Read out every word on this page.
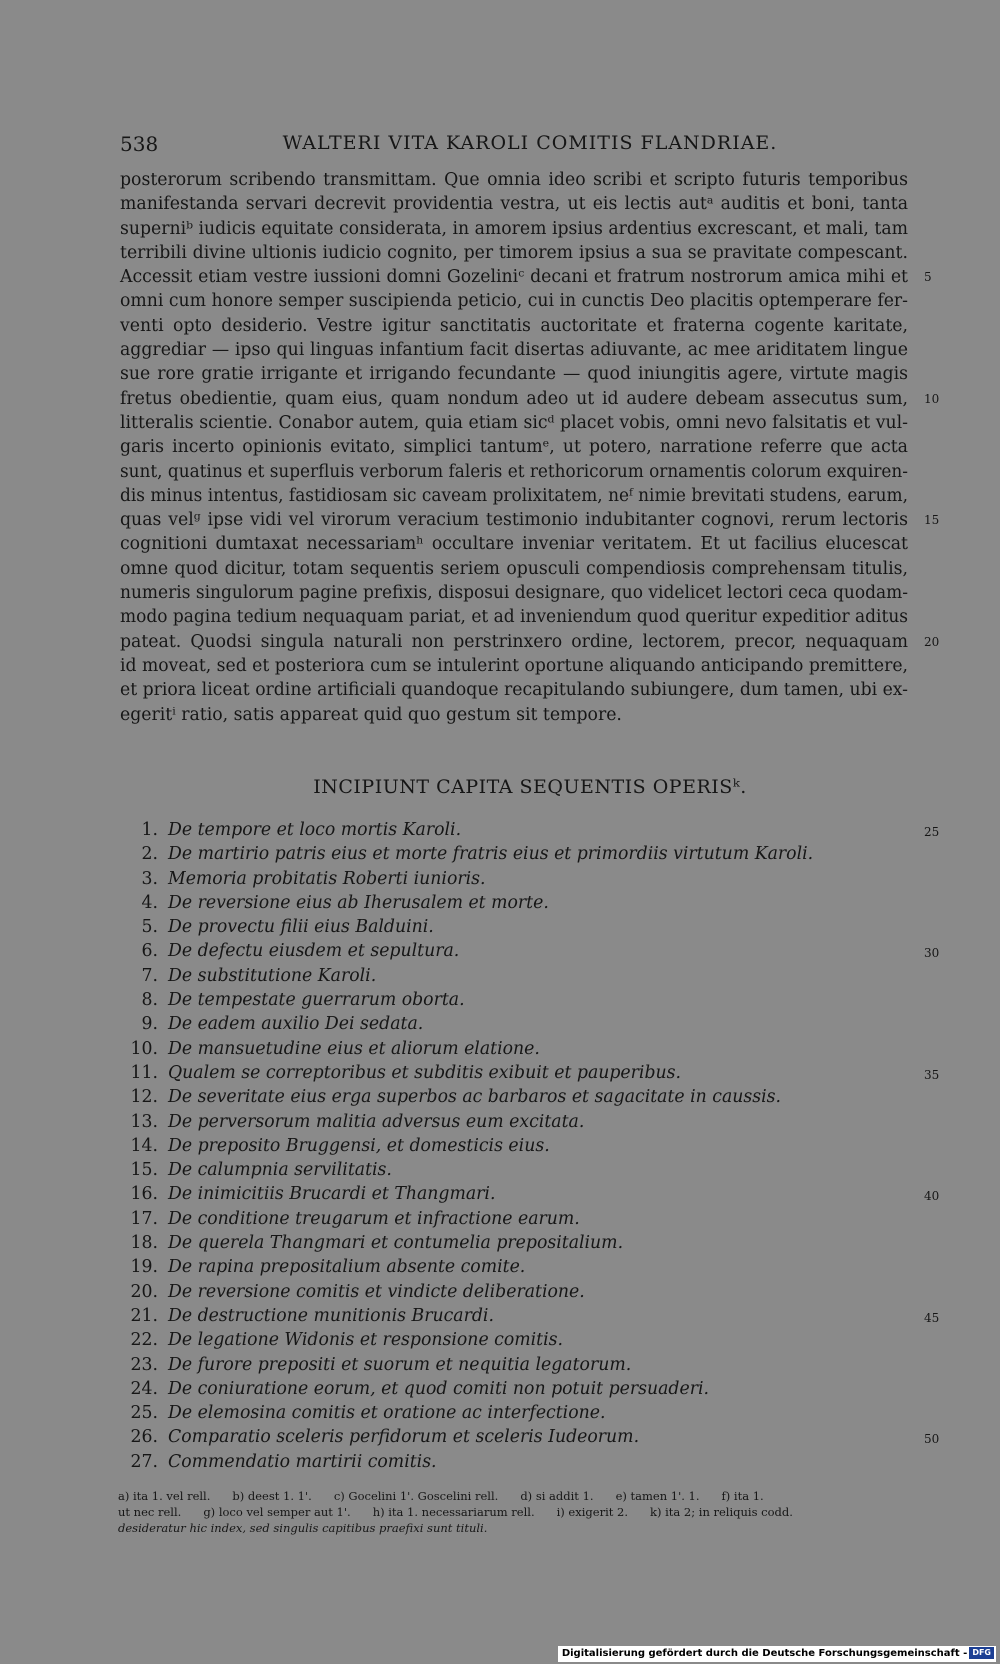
538	WALTERI VITA KAROLI COMITIS FLANDRIAE.
posterorum scribendo transmittam. Que omnia ideo scribi et scripto futuris temporibus
manifestanda servari decrevit providentia vestra, ut eis lectis autᵃ auditis et boni, tanta
superniᵇ iudicis equitate considerata, in amorem ipsius ardentius excrescant, et mali, tam
terribili divine ultionis iudicio cognito, per timorem ipsius a sua se pravitate compescant.
Accessit etiam vestre iussioni domni Gozeliniᶜ decani et fratrum nostrorum amica mihi et 5
omni cum honore semper suscipienda peticio, cui in cunctis Deo placitis optemperare fer-
venti opto desiderio. Vestre igitur sanctitatis auctoritate et fraterna cogente karitate,
aggrediar — ipso qui linguas infantium facit disertas adiuvante, ac mee ariditatem lingue
sue rore gratie irrigante et irrigando fecundante — quod iniungitis agere, virtute magis
fretus obedientie, quam eius, quam nondum adeo ut id audere debeam assecutus sum, 10
litteralis scientie. Conabor autem, quia etiam sicᵈ placet vobis, omni nevo falsitatis et vul-
garis incerto opinionis evitato, simplici tantumᵉ, ut potero, narratione referre que acta
sunt, quatinus et superfluis verborum faleris et rethoricorum ornamentis colorum exquiren-
dis minus intentus, fastidiosam sic caveam prolixitatem, neᶠ nimie brevitati studens, earum,
quas velᵍ ipse vidi vel virorum veracium testimonio indubitanter cognovi, rerum lectoris 15
cognitioni dumtaxat necessariamʰ occultare inveniar veritatem. Et ut facilius elucescat
omne quod dicitur, totam sequentis seriem opusculi compendiosis comprehensam titulis,
numeris singulorum pagine prefixis, disposui designare, quo videlicet lectori ceca quodam-
modo pagina tedium nequaquam pariat, et ad inveniendum quod queritur expeditior aditus
pateat. Quodsi singula naturali non perstrinxero ordine, lectorem, precor, nequaquam 20
id moveat, sed et posteriora cum se intulerint oportune aliquando anticipando premittere,
et priora liceat ordine artificiali quandoque recapitulando subiungere, dum tamen, ubi ex-
egeritⁱ ratio, satis appareat quid quo gestum sit tempore.
INCIPIUNT CAPITA SEQUENTIS OPERISᵏ.
1. De tempore et loco mortis Karoli.	25
2. De martirio patris eius et morte fratris eius et primordiis virtutum Karoli.
3. Memoria probitatis Roberti iunioris.
4. De reversione eius ab Iherusalem et morte.
5. De provectu filii eius Balduini.
6. De defectu eiusdem et sepultura.	30
7. De substitutione Karoli.
8. De tempestate guerrarum oborta.
9. De eadem auxilio Dei sedata.
10. De mansuetudine eius et aliorum elatione.
11. Qualem se correptoribus et subditis exibuit et pauperibus.	35
12. De severitate eius erga superbos ac barbaros et sagacitate in caussis.
13. De perversorum malitia adversus eum excitata.
14. De preposito Bruggensi, et domesticis eius.
15. De calumpnia servilitatis.
16. De inimicitiis Brucardi et Thangmari.	40
17. De conditione treugarum et infractione earum.
18. De querela Thangmari et contumelia prepositalium.
19. De rapina prepositalium absente comite.
20. De reversione comitis et vindicte deliberatione.
21. De destructione munitionis Brucardi.	45
22. De legatione Widonis et responsione comitis.
23. De furore prepositi et suorum et nequitia legatorum.
24. De coniuratione eorum, et quod comiti non potuit persuaderi.
25. De elemosina comitis et oratione ac interfectione.
26. Comparatio sceleris perfidorum et sceleris Iudeorum.	50
27. Commendatio martirii comitis.
a) ita 1. vel rell. b) deest 1. 1'. c) Gocelini 1'. Goscelini rell. d) si addit 1. e) tamen 1'. 1. f) ita 1.
ut nec rell. g) loco vel semper aut 1'. h) ita 1. necessariarum rell. i) exigerit 2. k) ita 2; in reliquis codd.
desideratur hic index, sed singulis capitibus praefixi sunt tituli.
Digitalisierung gefördert durch die Deutsche Forschungsgemeinschaft - DFG
